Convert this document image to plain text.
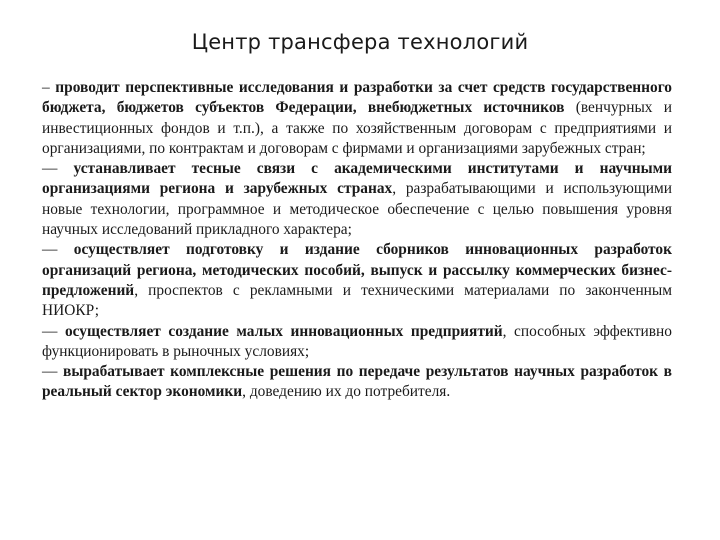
Центр трансфера технологий

– проводит перспективные исследования и разработки за счет средств государственного бюджета, бюджетов субъектов Федерации, внебюджетных источников (венчурных и инвестиционных фондов и т.п.), а также по хозяйственным договорам с предприятиями и организациями, по контрактам и договорам с фирмами и организациями зарубежных стран;

— устанавливает тесные связи с академическими институтами и научными организациями региона и зарубежных странах, разрабатывающими и использующими новые технологии, программное и методическое обеспечение с целью повышения уровня научных исследований прикладного характера;

— осуществляет подготовку и издание сборников инновационных разработок организаций региона, методических пособий, выпуск и рассылку коммерческих бизнес-предложений, проспектов с рекламными и техническими материалами по законченным НИОКР;

— осуществляет создание малых инновационных предприятий, способных эффективно функционировать в рыночных условиях;

— вырабатывает комплексные решения по передаче результатов научных разработок в реальный сектор экономики, доведению их до потребителя.
